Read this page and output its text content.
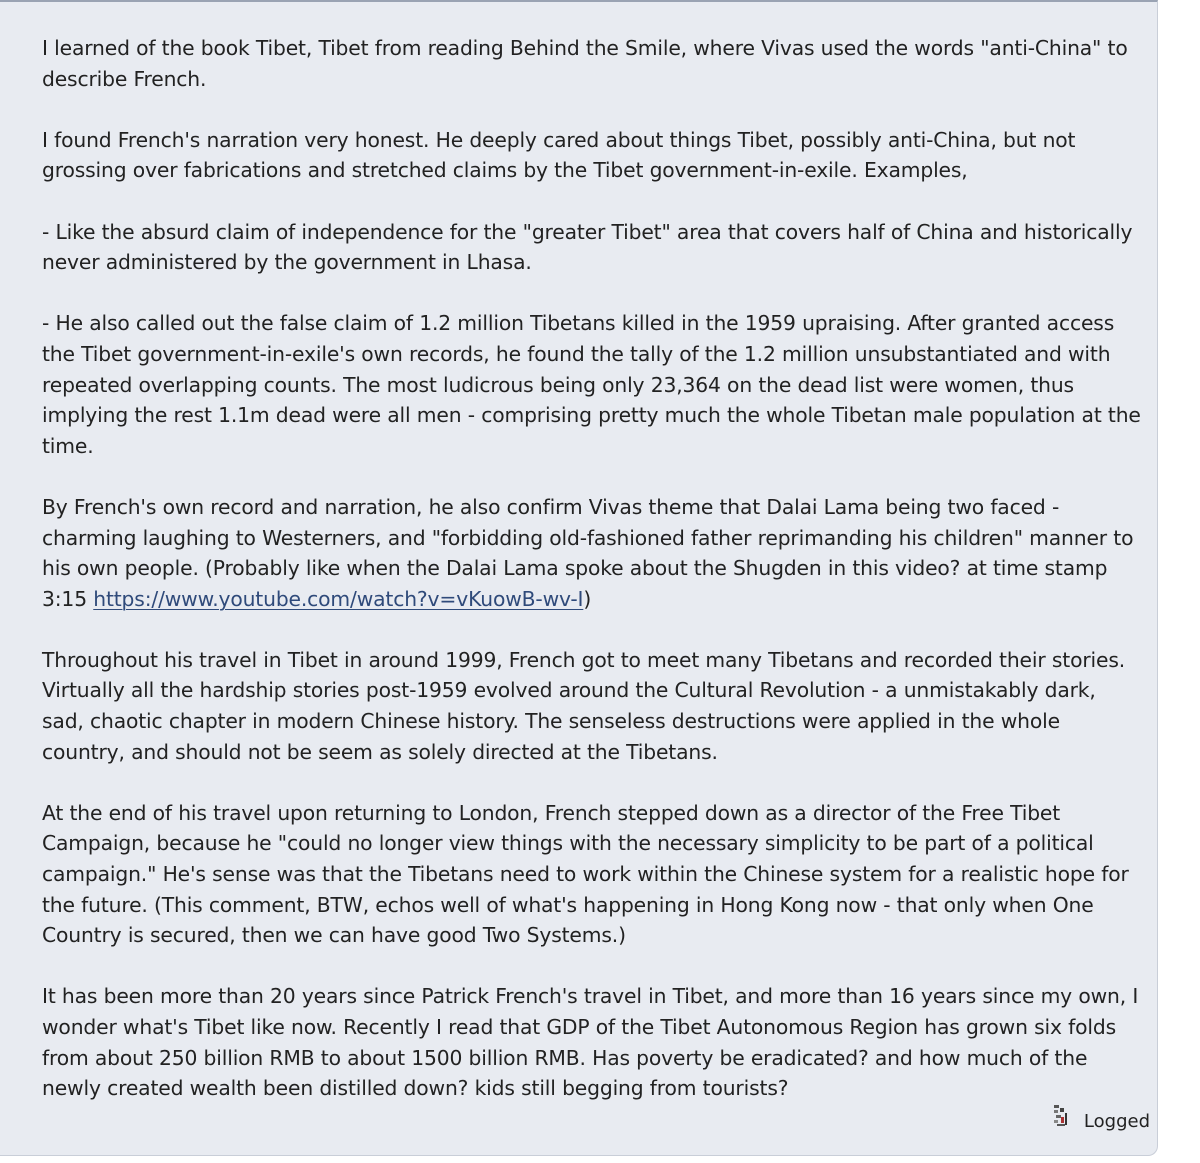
I learned of the book Tibet, Tibet from reading Behind the Smile, where Vivas used the words "anti-China" to describe French.

I found French's narration very honest. He deeply cared about things Tibet, possibly anti-China, but not grossing over fabrications and stretched claims by the Tibet government-in-exile. Examples,

- Like the absurd claim of independence for the "greater Tibet" area that covers half of China and historically never administered by the government in Lhasa.

- He also called out the false claim of 1.2 million Tibetans killed in the 1959 upraising. After granted access the Tibet government-in-exile's own records, he found the tally of the 1.2 million unsubstantiated and with repeated overlapping counts. The most ludicrous being only 23,364 on the dead list were women, thus implying the rest 1.1m dead were all men - comprising pretty much the whole Tibetan male population at the time.

By French's own record and narration, he also confirm Vivas theme that Dalai Lama being two faced - charming laughing to Westerners, and "forbidding old-fashioned father reprimanding his children" manner to his own people. (Probably like when the Dalai Lama spoke about the Shugden in this video? at time stamp 3:15 https://www.youtube.com/watch?v=vKuowB-wv-I)

Throughout his travel in Tibet in around 1999, French got to meet many Tibetans and recorded their stories. Virtually all the hardship stories post-1959 evolved around the Cultural Revolution - a unmistakably dark, sad, chaotic chapter in modern Chinese history. The senseless destructions were applied in the whole country, and should not be seem as solely directed at the Tibetans.

At the end of his travel upon returning to London, French stepped down as a director of the Free Tibet Campaign, because he "could no longer view things with the necessary simplicity to be part of a political campaign." He's sense was that the Tibetans need to work within the Chinese system for a realistic hope for the future. (This comment, BTW, echos well of what's happening in Hong Kong now - that only when One Country is secured, then we can have good Two Systems.)

It has been more than 20 years since Patrick French's travel in Tibet, and more than 16 years since my own, I wonder what's Tibet like now. Recently I read that GDP of the Tibet Autonomous Region has grown six folds from about 250 billion RMB to about 1500 billion RMB. Has poverty be eradicated? and how much of the newly created wealth been distilled down? kids still begging from tourists?

Logged
